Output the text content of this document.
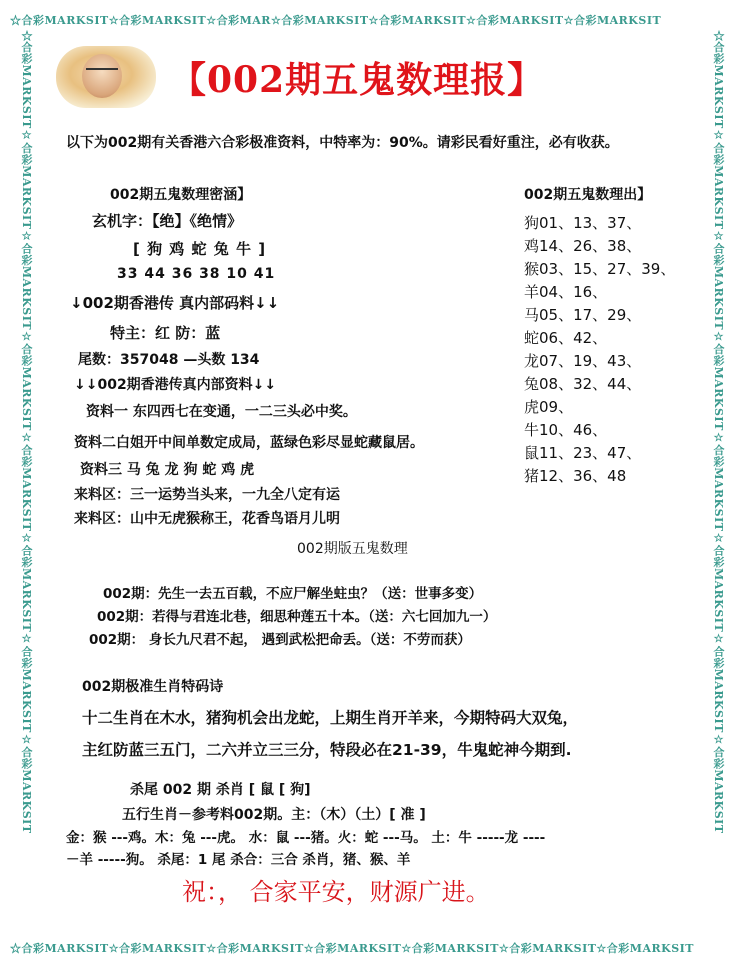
☆合彩MARKSIT☆合彩MARKSIT☆合彩MAR☆合彩MARKSIT☆合彩MARKSIT☆合彩MARKSIT☆合彩MARKSIT
☆合彩MARKSIT☆合彩MARKSIT☆合彩MARKSIT☆合彩MARKSIT☆合彩MARKSIT☆合彩MARKSIT☆合彩MARKSIT
☆合彩MARKSIT☆合彩MARKSIT☆合彩MARKSIT☆合彩MARKSIT☆合彩MARKSIT☆合彩MARKSIT☆合彩MARKSIT☆合彩MARKSIT	☆合彩MARKSIT☆合彩MARKSIT☆合彩MARKSIT☆合彩MARKSIT☆合彩MARKSIT☆合彩MARKSIT☆合彩MARKSIT☆合彩MARKSIT
【002期五鬼数理报】
以下为002期有关香港六合彩极准资料，中特率为：90%。请彩民看好重注，必有收获。
002期五鬼数理密涵】
玄机字：【绝】《绝情》
[ 狗 鸡 蛇 兔 牛 ]
33 44 36 38 10 41
↓002期香港传 真内部码料↓↓
特主：红 防：蓝
尾数：357048 —头数 134
↓↓002期香港传真内部资料↓↓
资料一 东四西七在变通，一二三头必中奖。
资料二白姐开中间单数定成局，蓝绿色彩尽显蛇藏鼠居。
资料三 马 兔 龙 狗 蛇 鸡 虎
来料区：三一运势当头来，一九全八定有运
来料区：山中无虎猴称王，花香鸟语月儿明
002期五鬼数理出】
狗01、13、37、
鸡14、26、38、
猴03、15、27、39、
羊04、16、
马05、17、29、
蛇06、42、
龙07、19、43、
兔08、32、44、
虎09、
牛10、46、
鼠11、23、47、
猪12、36、48
002期版五鬼数理
002期：先生一去五百载，不应尸解坐蛀虫？（送：世事多变）
002期：若得与君连北巷，细思种莲五十本。（送：六七回加九一）
002期： 身长九尺君不起， 遇到武松把命丢。（送：不劳而获）
002期极准生肖特码诗
十二生肖在木水，猪狗机会出龙蛇，上期生肖开羊来，今期特码大双兔，
主红防蓝三五门，二六并立三三分，特段必在21-39，牛鬼蛇神今期到.
杀尾 002 期 杀肖 [ 鼠 [ 狗]
五行生肖－参考料002期。主：（木）（土）[ 准 ]
金：猴 ---鸡。木：兔 ---虎。 水：鼠 ---猪。火：蛇 ---马。 土：牛 -----龙 ----
－羊 -----狗。 杀尾：1 尾 杀合：三合 杀肖，猪、猴、羊
祝：， 合家平安，财源广进。
